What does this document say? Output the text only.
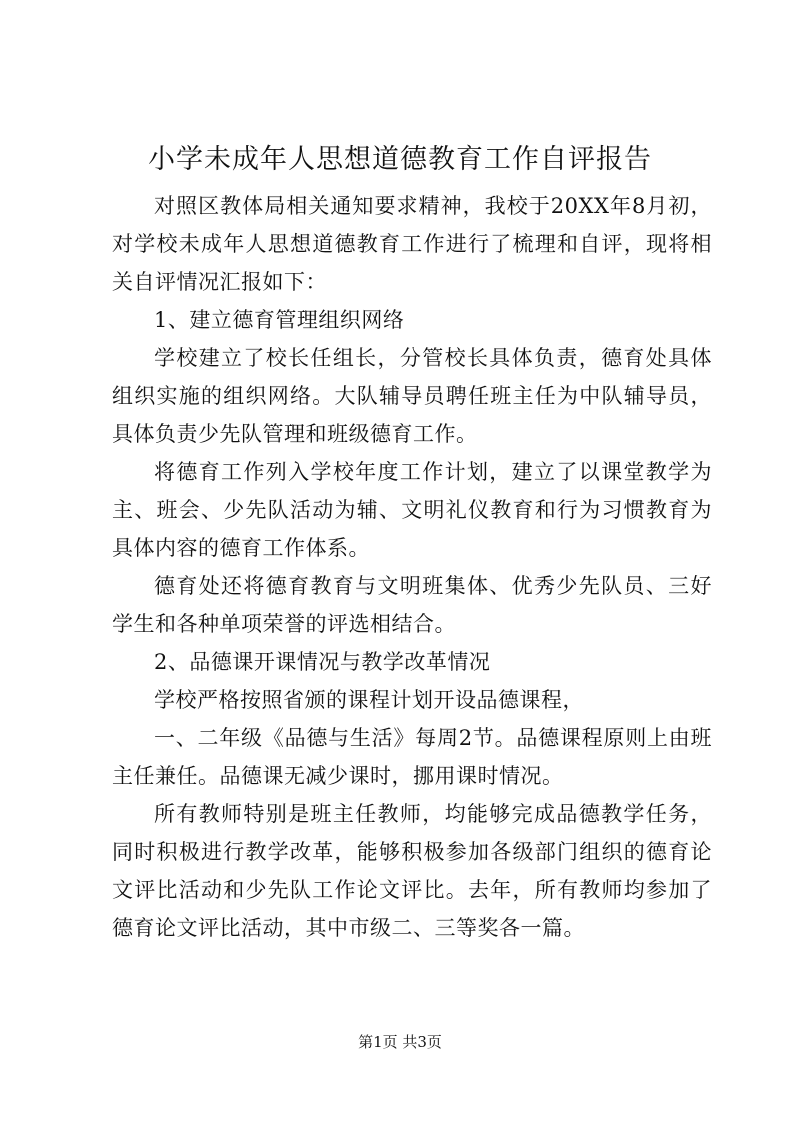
小学未成年人思想道德教育工作自评报告

对照区教体局相关通知要求精神，我校于20XX年8月初，对学校未成年人思想道德教育工作进行了梳理和自评，现将相关自评情况汇报如下：

1、建立德育管理组织网络

学校建立了校长任组长，分管校长具体负责，德育处具体组织实施的组织网络。大队辅导员聘任班主任为中队辅导员，具体负责少先队管理和班级德育工作。

将德育工作列入学校年度工作计划，建立了以课堂教学为主、班会、少先队活动为辅、文明礼仪教育和行为习惯教育为具体内容的德育工作体系。

德育处还将德育教育与文明班集体、优秀少先队员、三好学生和各种单项荣誉的评选相结合。

2、品德课开课情况与教学改革情况

学校严格按照省颁的课程计划开设品德课程，

一、二年级《品德与生活》每周2节。品德课程原则上由班主任兼任。品德课无减少课时，挪用课时情况。

所有教师特别是班主任教师，均能够完成品德教学任务，同时积极进行教学改革，能够积极参加各级部门组织的德育论文评比活动和少先队工作论文评比。去年，所有教师均参加了德育论文评比活动，其中市级二、三等奖各一篇。

第1页 共3页
